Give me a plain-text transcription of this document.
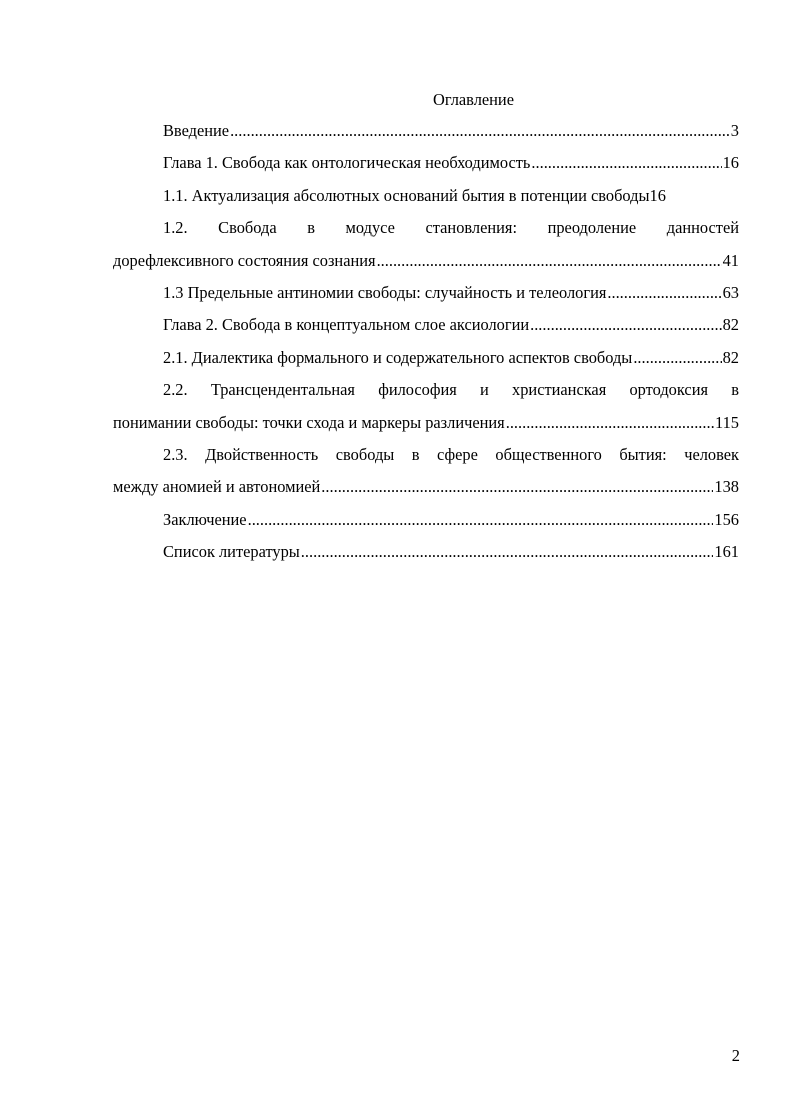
Оглавление
Введение .....	3
Глава 1. Свобода как онтологическая необходимость .....	16
1.1. Актуализация абсолютных оснований бытия в потенции свободы 16
1.2. Свобода в модусе становления: преодоление данностей
дорефлексивного состояния сознания .....	41
1.3 Предельные антиномии свободы: случайность и телеология .....	63
Глава 2. Свобода в концептуальном слое аксиологии .....	82
2.1. Диалектика формального и содержательного аспектов свободы .....	82
2.2. Трансцендентальная философия и христианская ортодоксия в
понимании свободы: точки схода и маркеры различения .....	115
2.3. Двойственность свободы в сфере общественного бытия: человек
между аномией и автономией .....	138
Заключение .....	156
Список литературы .....	161
2
